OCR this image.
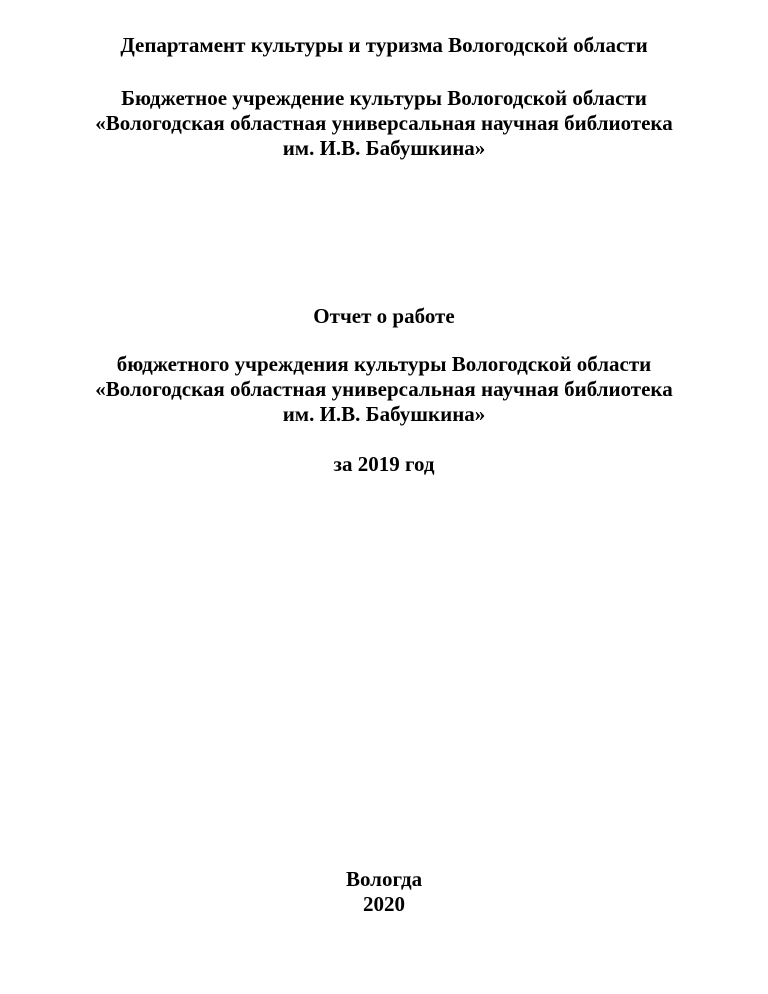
Департамент культуры и туризма Вологодской области
Бюджетное учреждение культуры Вологодской области
«Вологодская областная универсальная научная библиотека
им. И.В. Бабушкина»
Отчет о работе
бюджетного учреждения культуры Вологодской области
«Вологодская областная универсальная научная библиотека
им. И.В. Бабушкина»
за 2019 год
Вологда
2020
